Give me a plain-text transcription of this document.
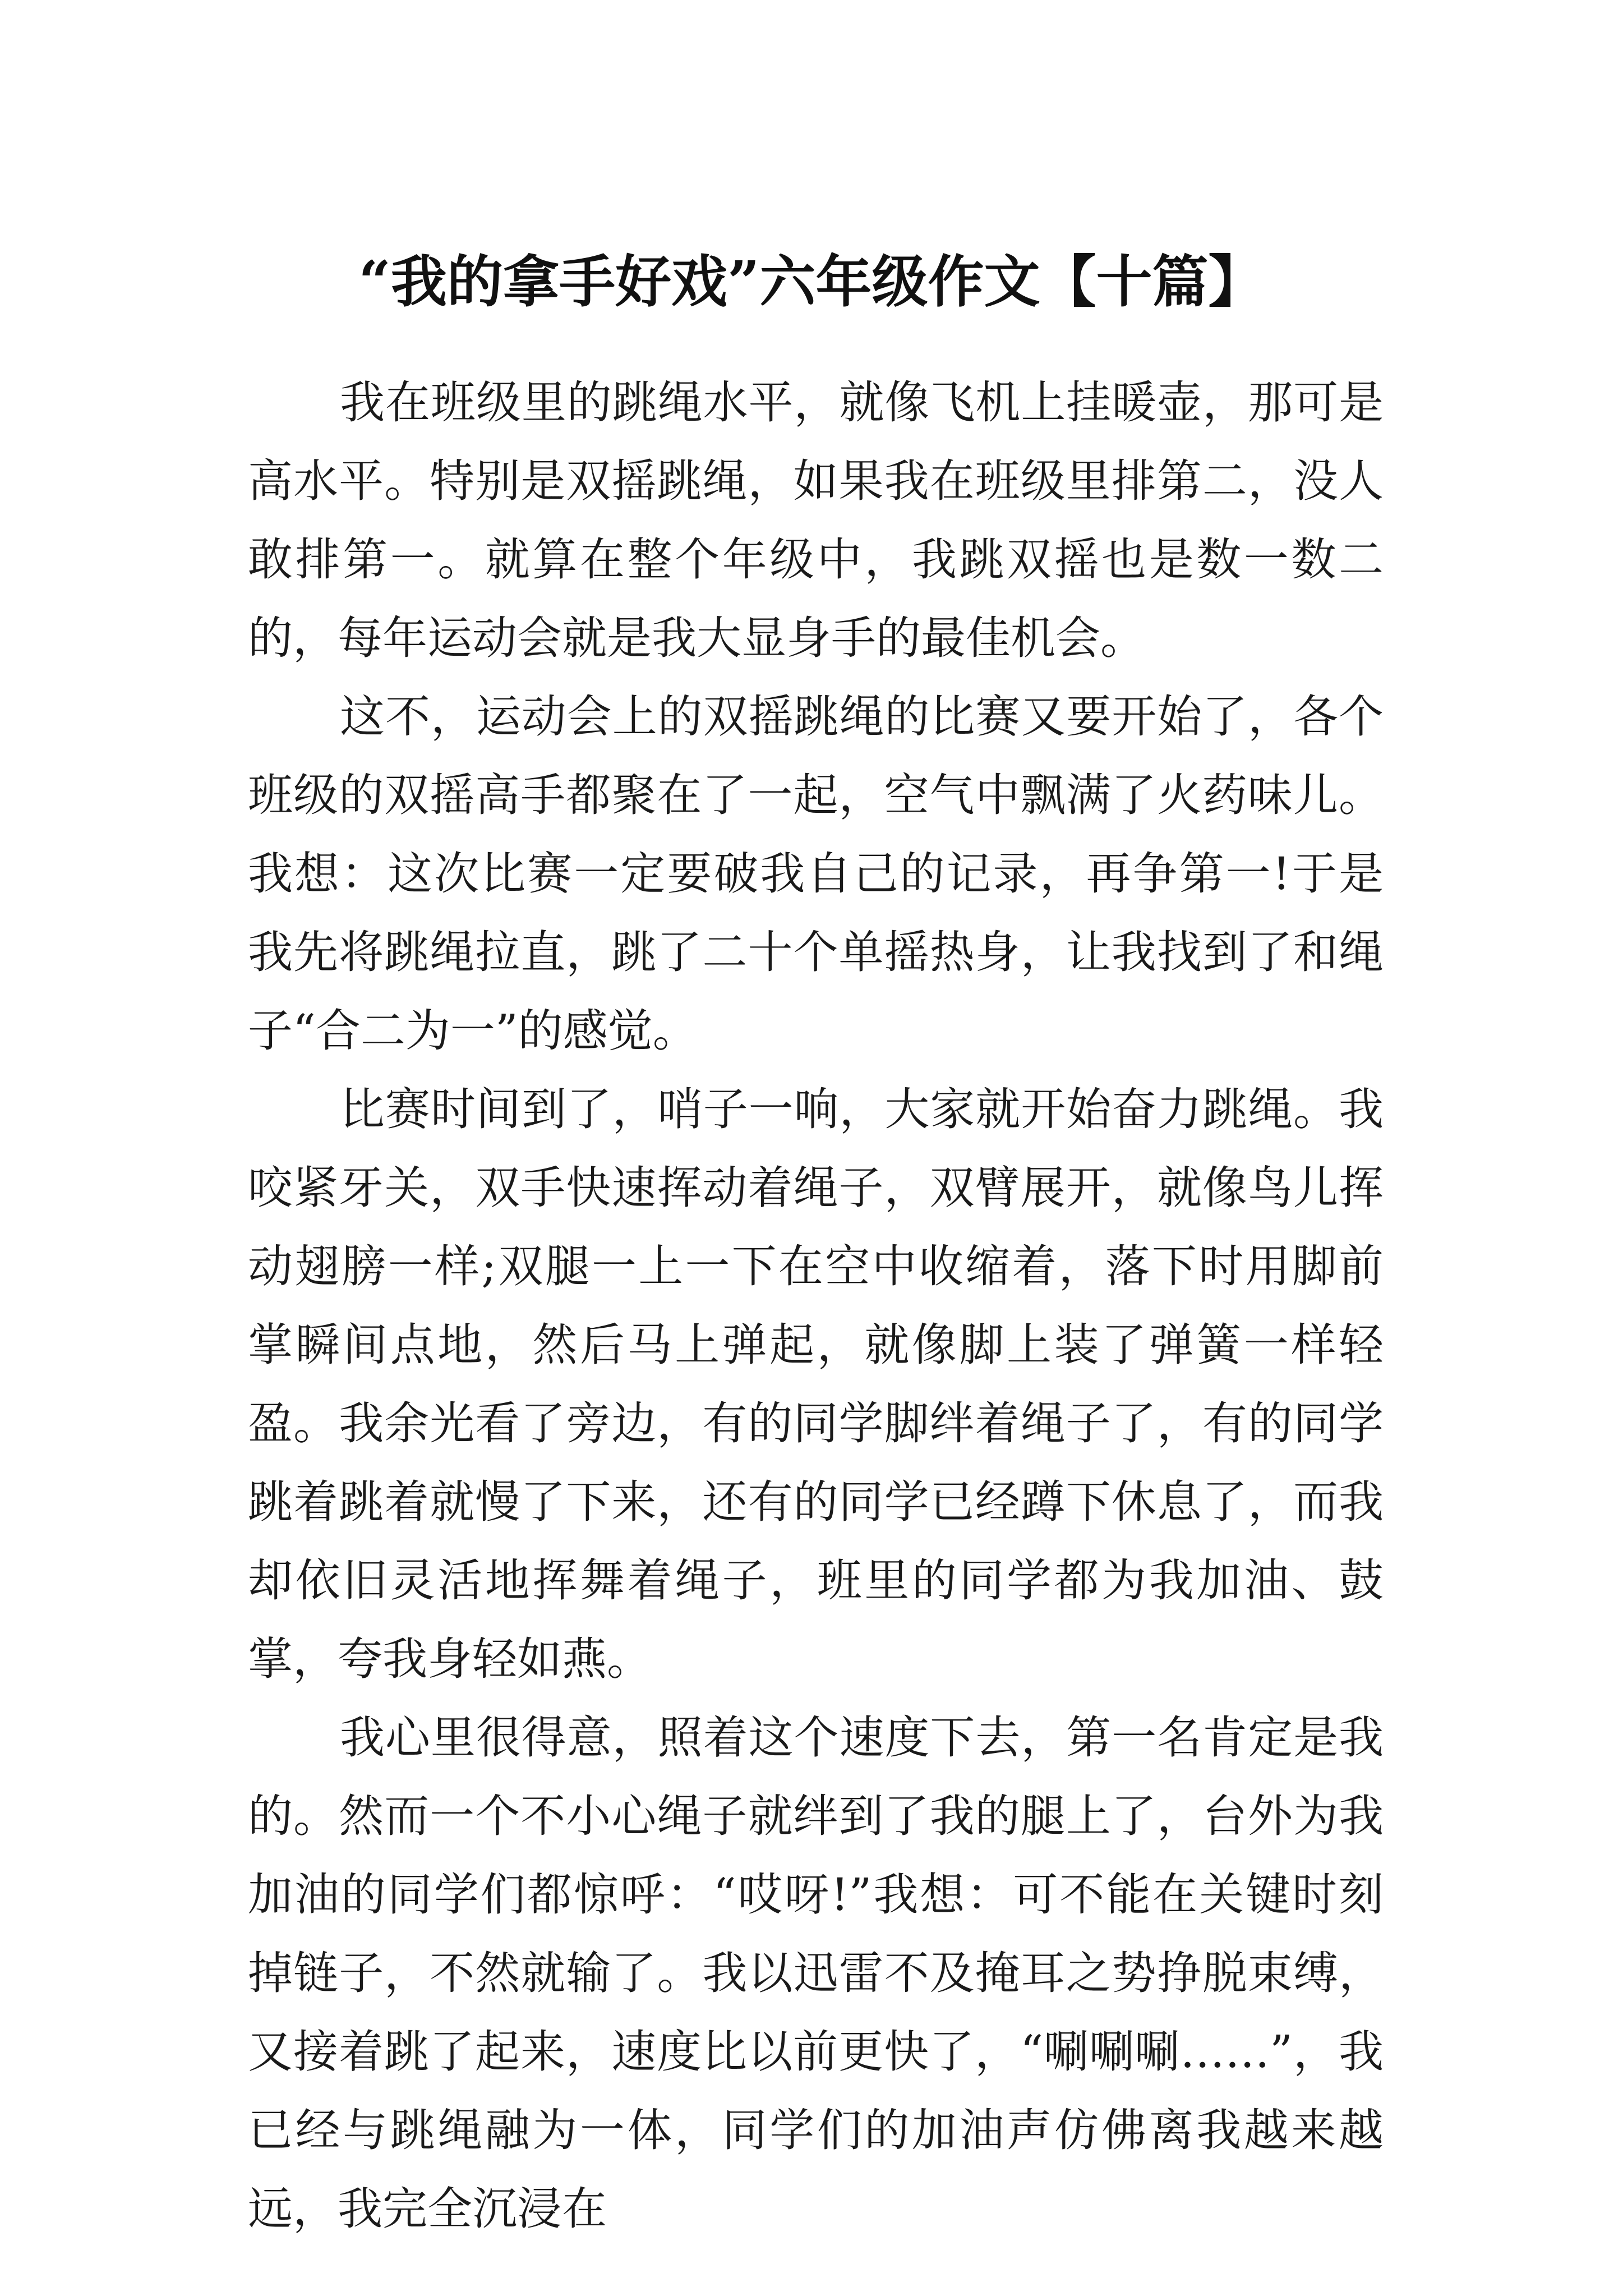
“我的拿手好戏”六年级作文【十篇】

我在班级里的跳绳水平，就像飞机上挂暖壶，那可是高水平。特别是双摇跳绳，如果我在班级里排第二，没人敢排第一。就算在整个年级中，我跳双摇也是数一数二的，每年运动会就是我大显身手的最佳机会。

这不，运动会上的双摇跳绳的比赛又要开始了，各个班级的双摇高手都聚在了一起，空气中飘满了火药味儿。我想：这次比赛一定要破我自己的记录，再争第一!于是我先将跳绳拉直，跳了二十个单摇热身，让我找到了和绳子“合二为一”的感觉。

比赛时间到了，哨子一响，大家就开始奋力跳绳。我咬紧牙关，双手快速挥动着绳子，双臂展开，就像鸟儿挥动翅膀一样;双腿一上一下在空中收缩着，落下时用脚前掌瞬间点地，然后马上弹起，就像脚上装了弹簧一样轻盈。我余光看了旁边，有的同学脚绊着绳子了，有的同学跳着跳着就慢了下来，还有的同学已经蹲下休息了，而我却依旧灵活地挥舞着绳子，班里的同学都为我加油、鼓掌，夸我身轻如燕。

我心里很得意，照着这个速度下去，第一名肯定是我的。然而一个不小心绳子就绊到了我的腿上了，台外为我加油的同学们都惊呼：“哎呀!”我想：可不能在关键时刻掉链子，不然就输了。我以迅雷不及掩耳之势挣脱束缚，又接着跳了起来，速度比以前更快了，“唰唰唰……”，我已经与跳绳融为一体，同学们的加油声仿佛离我越来越远，我完全沉浸在
